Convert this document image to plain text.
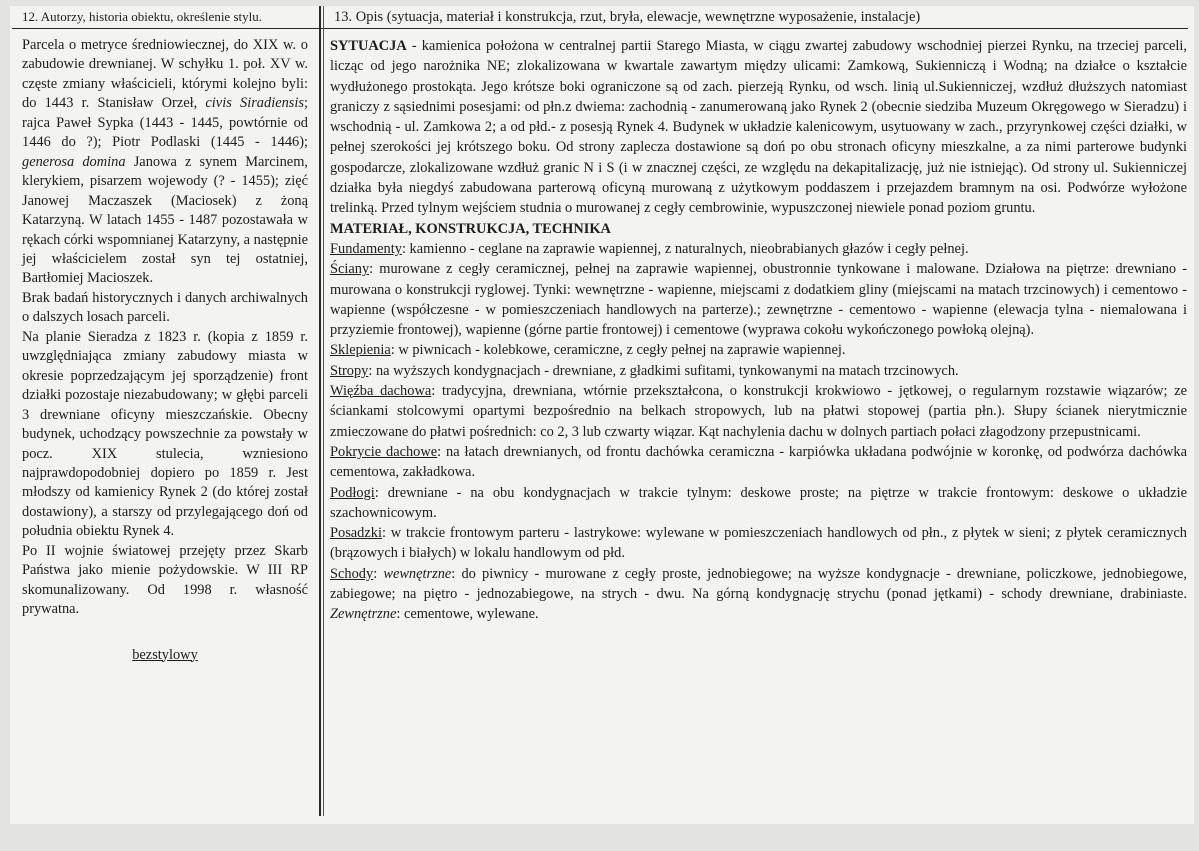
12. Autorzy, historia obiektu, określenie stylu.	13. Opis (sytuacja, materiał i konstrukcja, rzut, bryła, elewacje, wewnętrzne wyposażenie, instalacje)

Parcela o metryce średniowiecznej, do XIX w. o zabudowie drewnianej. W schyłku 1. poł. XV w. częste zmiany właścicieli, którymi kolejno byli: do 1443 r. Stanisław Orzeł, civis Siradiensis; rajca Paweł Sypka (1443 - 1445, powtórnie od 1446 do ?); Piotr Podlaski (1445 - 1446); generosa domina Janowa z synem Marcinem, klerykiem, pisarzem wojewody (? - 1455); zięć Janowej Maczaszek (Maciosek) z żoną Katarzyną. W latach 1455 - 1487 pozostawała w rękach córki wspomnianej Katarzyny, a następnie jej właścicielem został syn tej ostatniej, Bartłomiej Macioszek.

Brak badań historycznych i danych archiwalnych o dalszych losach parceli.

Na planie Sieradza z 1823 r. (kopia z 1859 r. uwzględniająca zmiany zabudowy miasta w okresie poprzedzającym jej sporządzenie) front działki pozostaje niezabudowany; w głębi parceli 3 drewniane oficyny mieszczańskie. Obecny budynek, uchodzący powszechnie za powstały w pocz. XIX stulecia, wzniesiono najprawdopodobniej dopiero po 1859 r. Jest młodszy od kamienicy Rynek 2 (do której został dostawiony), a starszy od przylegającego doń od południa obiektu Rynek 4.

Po II wojnie światowej przejęty przez Skarb Państwa jako mienie pożydowskie. W III RP skomunalizowany. Od 1998 r. własność prywatna.

bezstylowy

SYTUACJA - kamienica położona w centralnej partii Starego Miasta, w ciągu zwartej zabudowy wschodniej pierzei Rynku, na trzeciej parceli, licząc od jego narożnika NE; zlokalizowana w kwartale zawartym między ulicami: Zamkową, Sukienniczą i Wodną; na działce o kształcie wydłużonego prostokąta. Jego krótsze boki ograniczone są od zach. pierzeją Rynku, od wsch. linią ul.Sukienniczej, wzdłuż dłuższych natomiast graniczy z sąsiednimi posesjami: od płn.z dwiema: zachodnią - zanumerowaną jako Rynek 2 (obecnie siedziba Muzeum Okręgowego w Sieradzu) i wschodnią - ul. Zamkowa 2; a od płd.- z posesją Rynek 4. Budynek w układzie kalenicowym, usytuowany w zach., przyrynkowej części działki, w pełnej szerokości jej krótszego boku. Od strony zaplecza dostawione są doń po obu stronach oficyny mieszkalne, a za nimi parterowe budynki gospodarcze, zlokalizowane wzdłuż granic N i S (i w znacznej części, ze względu na dekapitalizację, już nie istniejąc). Od strony ul. Sukienniczej działka była niegdyś zabudowana parterową oficyną murowaną z użytkowym poddaszem i przejazdem bramnym na osi. Podwórze wyłożone trelinką. Przed tylnym wejściem studnia o murowanej z cegły cembrowinie, wypuszczonej niewiele ponad poziom gruntu.

MATERIAŁ, KONSTRUKCJA, TECHNIKA

Fundamenty: kamienno - ceglane na zaprawie wapiennej, z naturalnych, nieobrabianych głazów i cegły pełnej.

Ściany: murowane z cegły ceramicznej, pełnej na zaprawie wapiennej, obustronnie tynkowane i malowane. Działowa na piętrze: drewniano - murowana o konstrukcji ryglowej. Tynki: wewnętrzne - wapienne, miejscami z dodatkiem gliny (miejscami na matach trzcinowych) i cementowo - wapienne (współczesne - w pomieszczeniach handlowych na parterze).; zewnętrzne - cementowo - wapienne (elewacja tylna - niemalowana i przyziemie frontowej), wapienne (górne partie frontowej) i cementowe (wyprawa cokołu wykończonego powłoką olejną).

Sklepienia: w piwnicach - kolebkowe, ceramiczne, z cegły pełnej na zaprawie wapiennej.

Stropy: na wyższych kondygnacjach - drewniane, z gładkimi sufitami, tynkowanymi na matach trzcinowych.

Więźba dachowa: tradycyjna, drewniana, wtórnie przekształcona, o konstrukcji krokwiowo - jętkowej, o regularnym rozstawie wiązarów; ze ściankami stolcowymi opartymi bezpośrednio na belkach stropowych, lub na płatwi stopowej (partia płn.). Słupy ścianek nierytmicznie zmieczowane do płatwi pośrednich: co 2, 3 lub czwarty wiązar. Kąt nachylenia dachu w dolnych partiach połaci złagodzony przepustnicami.

Pokrycie dachowe: na łatach drewnianych, od frontu dachówka ceramiczna - karpiówka układana podwójnie w koronkę, od podwórza dachówka cementowa, zakładkowa.

Podłogi: drewniane - na obu kondygnacjach w trakcie tylnym: deskowe proste; na piętrze w trakcie frontowym: deskowe o układzie szachownicowym.

Posadzki: w trakcie frontowym parteru - lastrykowe: wylewane w pomieszczeniach handlowych od płn., z płytek w sieni; z płytek ceramicznych (brązowych i białych) w lokalu handlowym od płd.

Schody: wewnętrzne: do piwnicy - murowane z cegły proste, jednobiegowe; na wyższe kondygnacje - drewniane, policzkowe, jednobiegowe, zabiegowe; na piętro - jednozabiegowe, na strych - dwu. Na górną kondygnację strychu (ponad jętkami) - schody drewniane, drabiniaste. Zewnętrzne: cementowe, wylewane.
